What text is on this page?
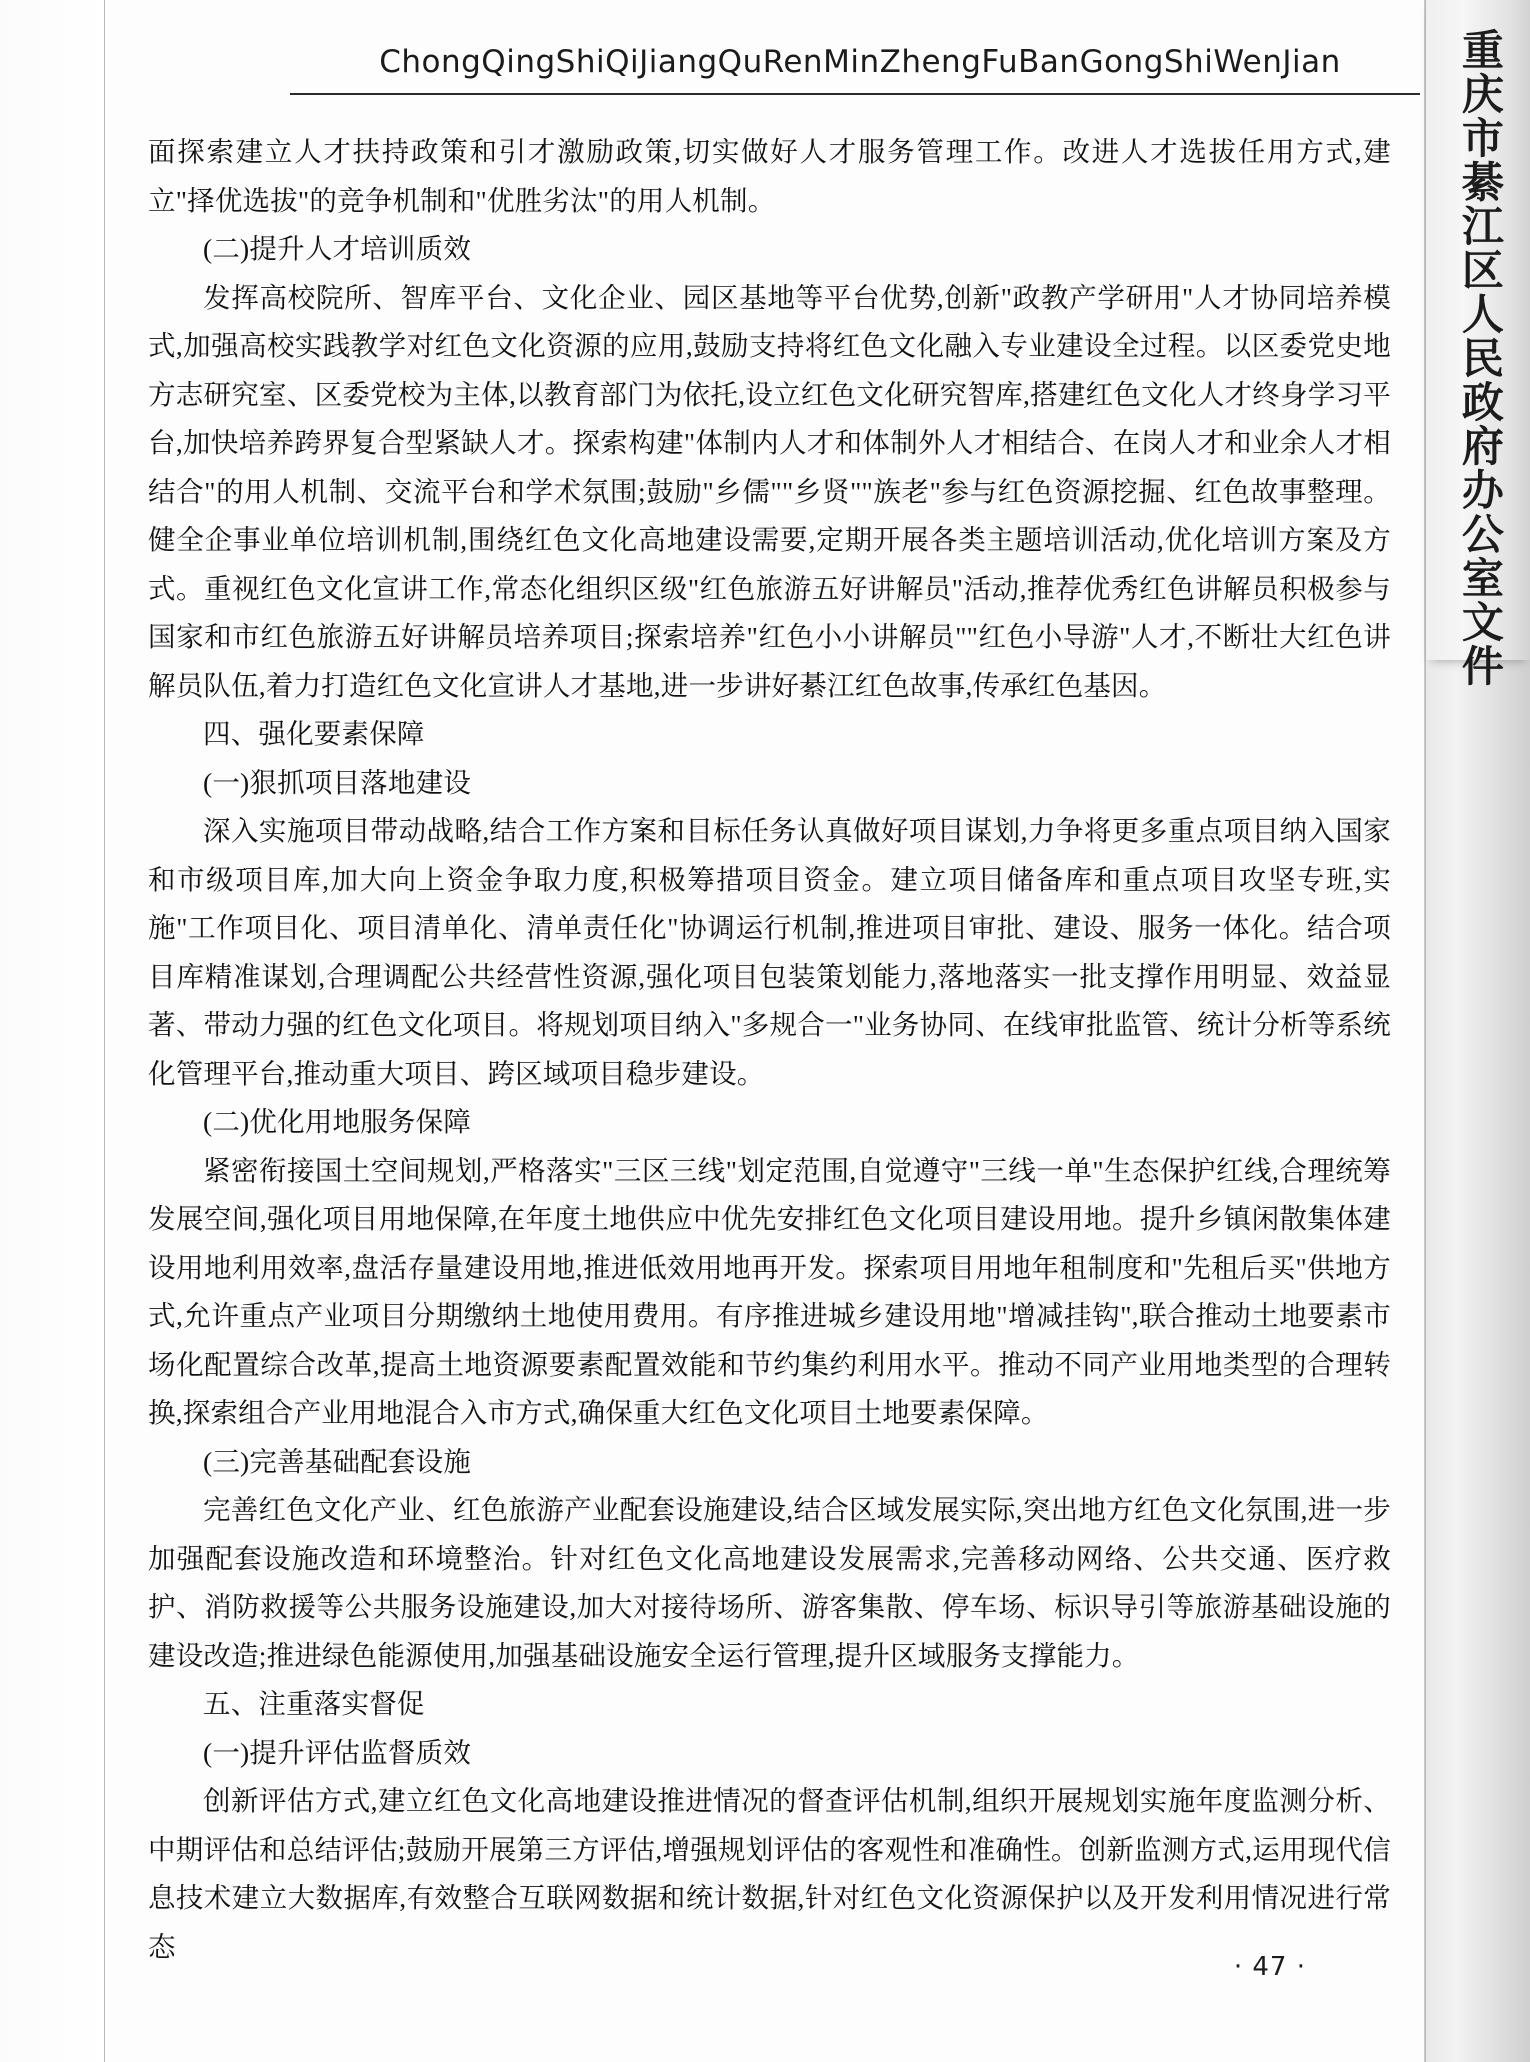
ChongQingShiQiJiangQuRenMinZhengFuBanGongShiWenJian	重庆市綦江区人民政府办公室文件

面探索建立人才扶持政策和引才激励政策,切实做好人才服务管理工作。改进人才选拔任用方式,建立"择优选拔"的竞争机制和"优胜劣汰"的用人机制。

(二)提升人才培训质效

发挥高校院所、智库平台、文化企业、园区基地等平台优势,创新"政教产学研用"人才协同培养模式,加强高校实践教学对红色文化资源的应用,鼓励支持将红色文化融入专业建设全过程。以区委党史地方志研究室、区委党校为主体,以教育部门为依托,设立红色文化研究智库,搭建红色文化人才终身学习平台,加快培养跨界复合型紧缺人才。探索构建"体制内人才和体制外人才相结合、在岗人才和业余人才相结合"的用人机制、交流平台和学术氛围;鼓励"乡儒""乡贤""族老"参与红色资源挖掘、红色故事整理。健全企事业单位培训机制,围绕红色文化高地建设需要,定期开展各类主题培训活动,优化培训方案及方式。重视红色文化宣讲工作,常态化组织区级"红色旅游五好讲解员"活动,推荐优秀红色讲解员积极参与国家和市红色旅游五好讲解员培养项目;探索培养"红色小小讲解员""红色小导游"人才,不断壮大红色讲解员队伍,着力打造红色文化宣讲人才基地,进一步讲好綦江红色故事,传承红色基因。

四、强化要素保障

(一)狠抓项目落地建设

深入实施项目带动战略,结合工作方案和目标任务认真做好项目谋划,力争将更多重点项目纳入国家和市级项目库,加大向上资金争取力度,积极筹措项目资金。建立项目储备库和重点项目攻坚专班,实施"工作项目化、项目清单化、清单责任化"协调运行机制,推进项目审批、建设、服务一体化。结合项目库精准谋划,合理调配公共经营性资源,强化项目包装策划能力,落地落实一批支撑作用明显、效益显著、带动力强的红色文化项目。将规划项目纳入"多规合一"业务协同、在线审批监管、统计分析等系统化管理平台,推动重大项目、跨区域项目稳步建设。

(二)优化用地服务保障

紧密衔接国土空间规划,严格落实"三区三线"划定范围,自觉遵守"三线一单"生态保护红线,合理统筹发展空间,强化项目用地保障,在年度土地供应中优先安排红色文化项目建设用地。提升乡镇闲散集体建设用地利用效率,盘活存量建设用地,推进低效用地再开发。探索项目用地年租制度和"先租后买"供地方式,允许重点产业项目分期缴纳土地使用费用。有序推进城乡建设用地"增减挂钩",联合推动土地要素市场化配置综合改革,提高土地资源要素配置效能和节约集约利用水平。推动不同产业用地类型的合理转换,探索组合产业用地混合入市方式,确保重大红色文化项目土地要素保障。

(三)完善基础配套设施

完善红色文化产业、红色旅游产业配套设施建设,结合区域发展实际,突出地方红色文化氛围,进一步加强配套设施改造和环境整治。针对红色文化高地建设发展需求,完善移动网络、公共交通、医疗救护、消防救援等公共服务设施建设,加大对接待场所、游客集散、停车场、标识导引等旅游基础设施的建设改造;推进绿色能源使用,加强基础设施安全运行管理,提升区域服务支撑能力。

五、注重落实督促

(一)提升评估监督质效

创新评估方式,建立红色文化高地建设推进情况的督查评估机制,组织开展规划实施年度监测分析、中期评估和总结评估;鼓励开展第三方评估,增强规划评估的客观性和准确性。创新监测方式,运用现代信息技术建立大数据库,有效整合互联网数据和统计数据,针对红色文化资源保护以及开发利用情况进行常态

· 47 ·
